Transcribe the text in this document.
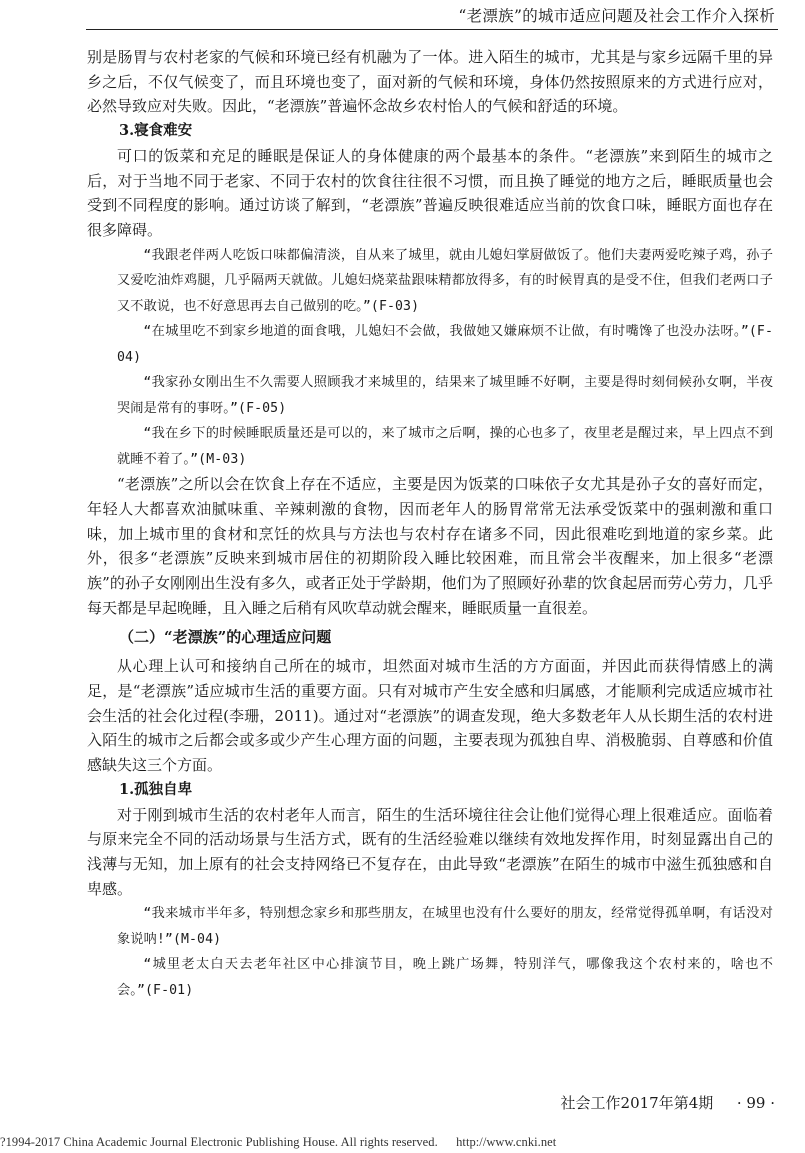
“老漂族”的城市适应问题及社会工作介入探析

别是肠胃与农村老家的气候和环境已经有机融为了一体。进入陌生的城市，尤其是与家乡远隔千里的异乡之后，不仅气候变了，而且环境也变了，面对新的气候和环境，身体仍然按照原来的方式进行应对，必然导致应对失败。因此，“老漂族”普遍怀念故乡农村怡人的气候和舒适的环境。

3.寝食难安

可口的饭菜和充足的睡眠是保证人的身体健康的两个最基本的条件。“老漂族”来到陌生的城市之后，对于当地不同于老家、不同于农村的饮食往往很不习惯，而且换了睡觉的地方之后，睡眠质量也会受到不同程度的影响。通过访谈了解到，“老漂族”普遍反映很难适应当前的饮食口味，睡眠方面也存在很多障碍。

“我跟老伴两人吃饭口味都偏清淡，自从来了城里，就由儿媳妇掌厨做饭了。他们夫妻两爱吃辣子鸡，孙子又爱吃油炸鸡腿，几乎隔两天就做。儿媳妇烧菜盐跟味精都放得多，有的时候胃真的是受不住，但我们老两口子又不敢说，也不好意思再去自己做别的吃。”(F-03)

“在城里吃不到家乡地道的面食哦，儿媳妇不会做，我做她又嫌麻烦不让做，有时嘴馋了也没办法呀。”(F-04)

“我家孙女刚出生不久需要人照顾我才来城里的，结果来了城里睡不好啊，主要是得时刻伺候孙女啊，半夜哭闹是常有的事呀。”(F-05)

“我在乡下的时候睡眠质量还是可以的，来了城市之后啊，操的心也多了，夜里老是醒过来，早上四点不到就睡不着了。”(M-03)

“老漂族”之所以会在饮食上存在不适应，主要是因为饭菜的口味依子女尤其是孙子女的喜好而定，年轻人大都喜欢油腻味重、辛辣刺激的食物，因而老年人的肠胃常常无法承受饭菜中的强刺激和重口味，加上城市里的食材和烹饪的炊具与方法也与农村存在诸多不同，因此很难吃到地道的家乡菜。此外，很多“老漂族”反映来到城市居住的初期阶段入睡比较困难，而且常会半夜醒来，加上很多“老漂族”的孙子女刚刚出生没有多久，或者正处于学龄期，他们为了照顾好孙辈的饮食起居而劳心劳力，几乎每天都是早起晚睡，且入睡之后稍有风吹草动就会醒来，睡眠质量一直很差。

（二）“老漂族”的心理适应问题

从心理上认可和接纳自己所在的城市，坦然面对城市生活的方方面面，并因此而获得情感上的满足，是“老漂族”适应城市生活的重要方面。只有对城市产生安全感和归属感，才能顺利完成适应城市社会生活的社会化过程(李珊，2011)。通过对“老漂族”的调查发现，绝大多数老年人从长期生活的农村进入陌生的城市之后都会或多或少产生心理方面的问题，主要表现为孤独自卑、消极脆弱、自尊感和价值感缺失这三个方面。

1.孤独自卑

对于刚到城市生活的农村老年人而言，陌生的生活环境往往会让他们觉得心理上很难适应。面临着与原来完全不同的活动场景与生活方式，既有的生活经验难以继续有效地发挥作用，时刻显露出自己的浅薄与无知，加上原有的社会支持网络已不复存在，由此导致“老漂族”在陌生的城市中滋生孤独感和自卑感。

“我来城市半年多，特别想念家乡和那些朋友，在城里也没有什么要好的朋友，经常觉得孤单啊，有话没对象说呐!”(M-04)

“城里老太白天去老年社区中心排演节目，晚上跳广场舞，特别洋气，哪像我这个农村来的，啥也不会。”(F-01)

社会工作2017年第4期 · 99 ·
?1994-2017 China Academic Journal Electronic Publishing House. All rights reserved. http://www.cnki.net
